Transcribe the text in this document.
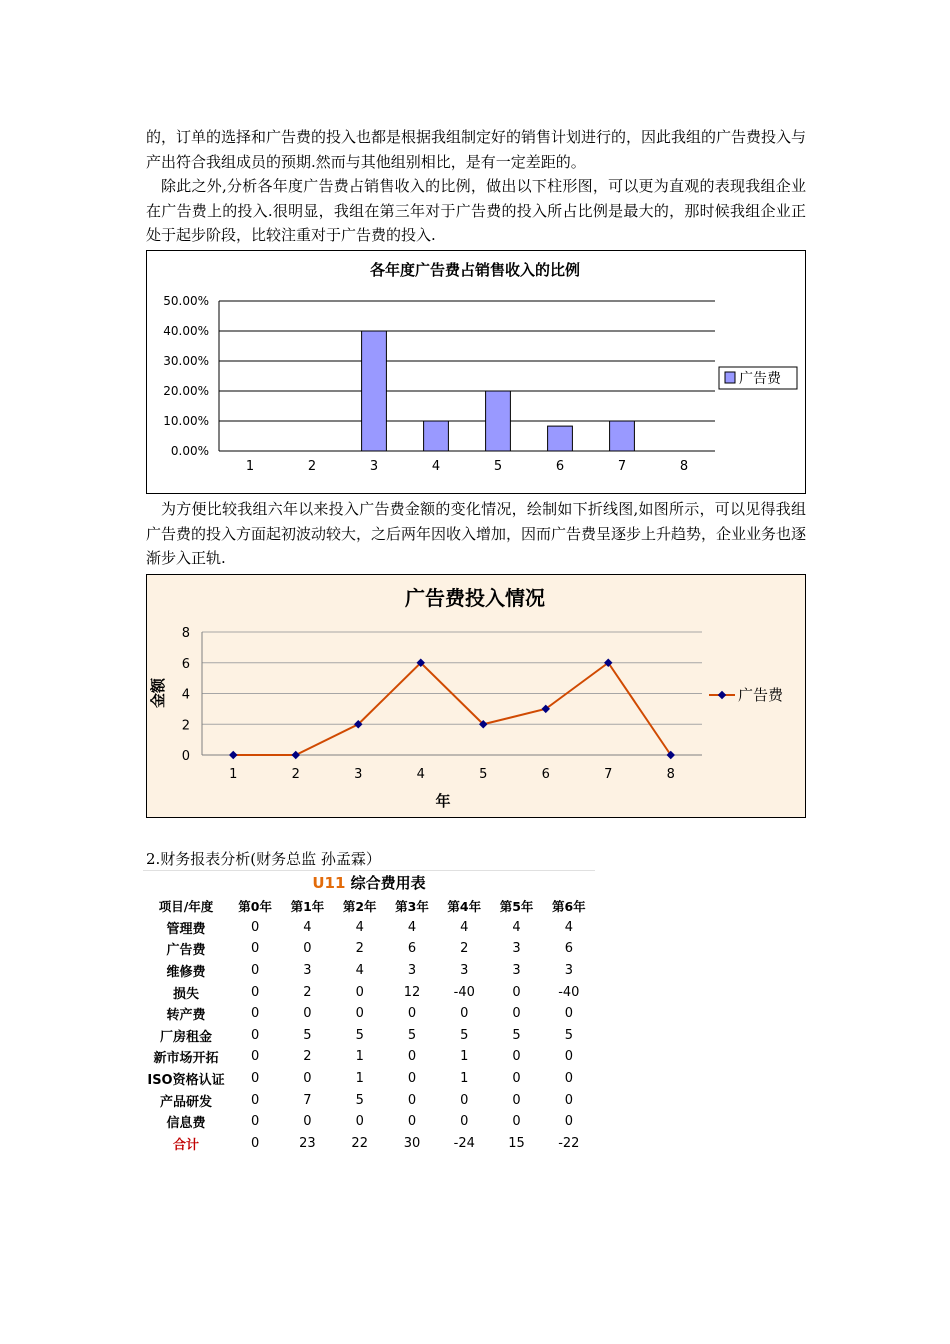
的，订单的选择和广告费的投入也都是根据我组制定好的销售计划进行的，因此我组的广告费投入与产出符合我组成员的预期.然而与其他组别相比，是有一定差距的。

除此之外,分析各年度广告费占销售收入的比例，做出以下柱形图，可以更为直观的表现我组企业在广告费上的投入.很明显，我组在第三年对于广告费的投入所占比例是最大的，那时候我组企业正处于起步阶段，比较注重对于广告费的投入.

各年度广告费占销售收入的比例
0.00%
10.00%
20.00%
30.00%
40.00%
50.00%
1	2	3	4	5	6	7	8
广告费

为方便比较我组六年以来投入广告费金额的变化情况，绘制如下折线图,如图所示，可以见得我组广告费的投入方面起初波动较大，之后两年因收入增加，因而广告费呈逐步上升趋势，企业业务也逐渐步入正轨.

广告费投入情况
年
金额
0
2
4
6
8
1	2	3	4	5	6	7	8
广告费

2.财务报表分析(财务总监 孙孟霖）

U11 综合费用表
项目/年度	第0年	第1年	第2年	第3年	第4年	第5年	第6年
管理费	0	4	4	4	4	4	4
广告费	0	0	2	6	2	3	6
维修费	0	3	4	3	3	3	3
损失	0	2	0	12	-40	0	-40
转产费	0	0	0	0	0	0	0
厂房租金	0	5	5	5	5	5	5
新市场开拓	0	2	1	0	1	0	0
ISO资格认证	0	0	1	0	1	0	0
产品研发	0	7	5	0	0	0	0
信息费	0	0	0	0	0	0	0
合计	0	23	22	30	-24	15	-22
